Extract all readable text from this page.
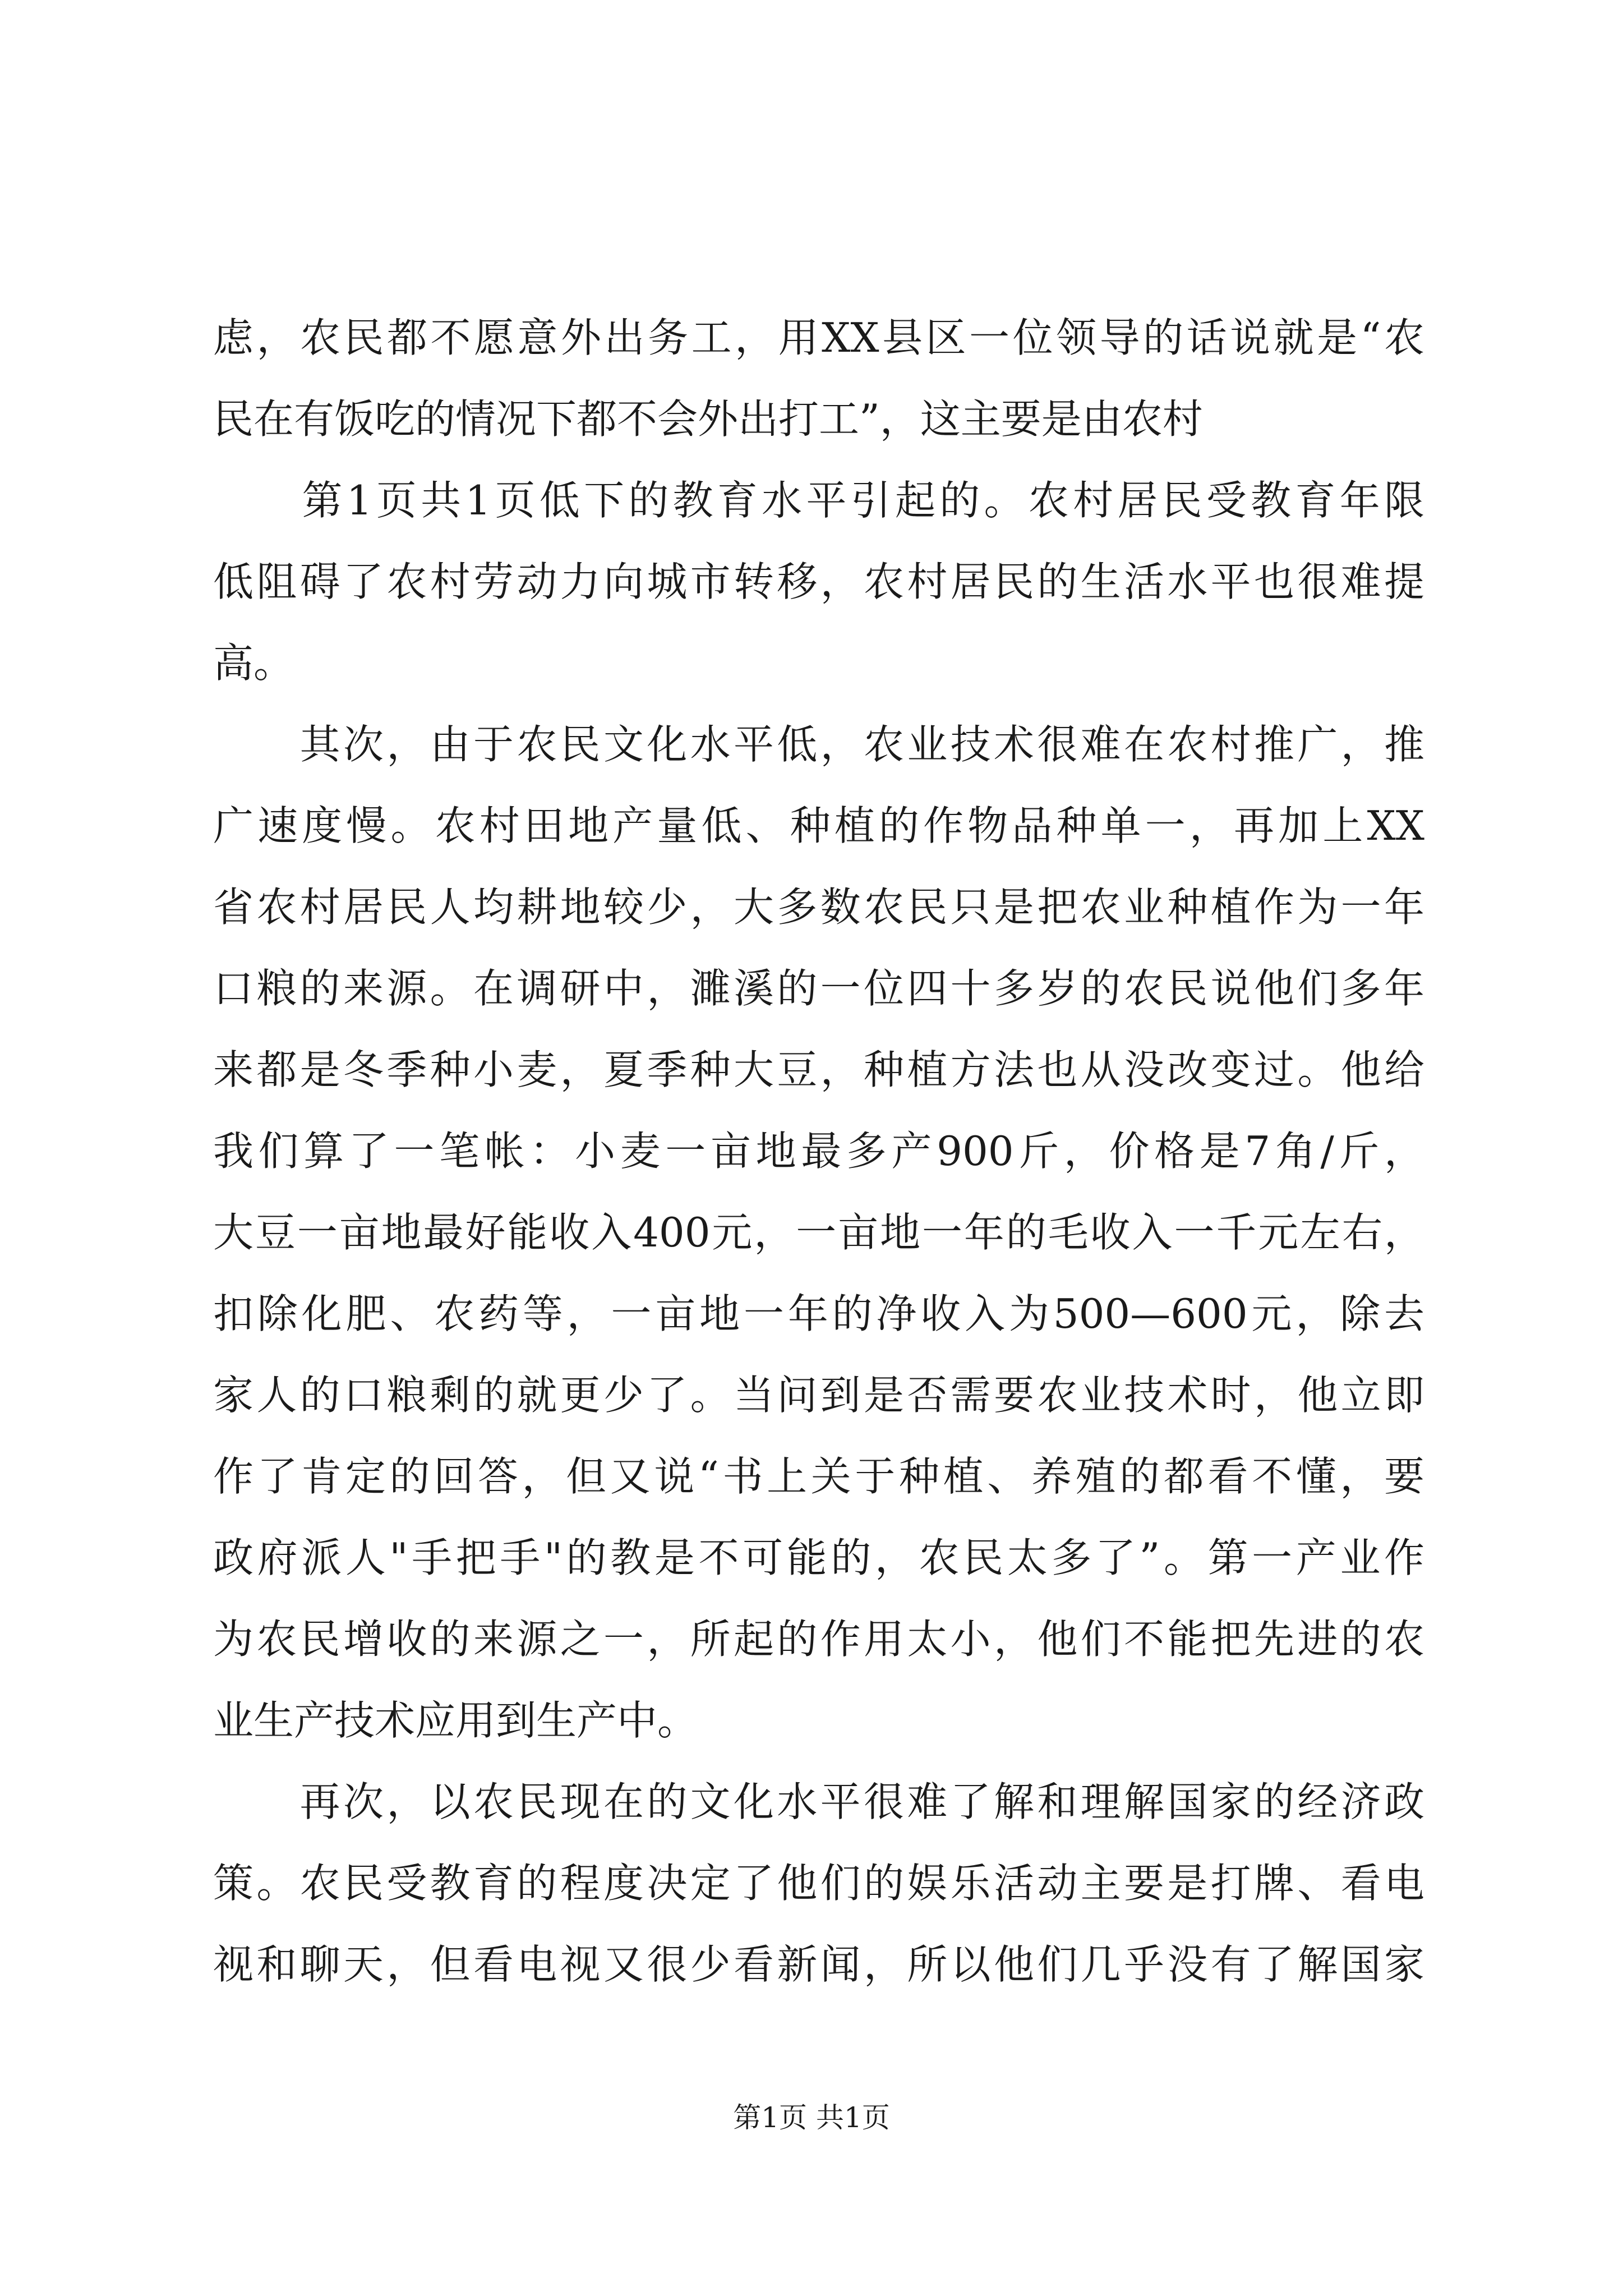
虑，农民都不愿意外出务工，用XX县区一位领导的话说就是“农
民在有饭吃的情况下都不会外出打工”，这主要是由农村
　　第1页共1页低下的教育水平引起的。农村居民受教育年限
低阻碍了农村劳动力向城市转移，农村居民的生活水平也很难提
高。
　　其次，由于农民文化水平低，农业技术很难在农村推广，推
广速度慢。农村田地产量低、种植的作物品种单一，再加上XX
省农村居民人均耕地较少，大多数农民只是把农业种植作为一年
口粮的来源。在调研中，濉溪的一位四十多岁的农民说他们多年
来都是冬季种小麦，夏季种大豆，种植方法也从没改变过。他给
我们算了一笔帐：小麦一亩地最多产900斤，价格是7角/斤，
大豆一亩地最好能收入400元，一亩地一年的毛收入一千元左右，
扣除化肥、农药等，一亩地一年的净收入为500—600元，除去
家人的口粮剩的就更少了。当问到是否需要农业技术时，他立即
作了肯定的回答，但又说“书上关于种植、养殖的都看不懂，要
政府派人"手把手"的教是不可能的，农民太多了”。第一产业作
为农民增收的来源之一，所起的作用太小，他们不能把先进的农
业生产技术应用到生产中。
　　再次，以农民现在的文化水平很难了解和理解国家的经济政
策。农民受教育的程度决定了他们的娱乐活动主要是打牌、看电
视和聊天，但看电视又很少看新闻，所以他们几乎没有了解国家
第1页 共1页
